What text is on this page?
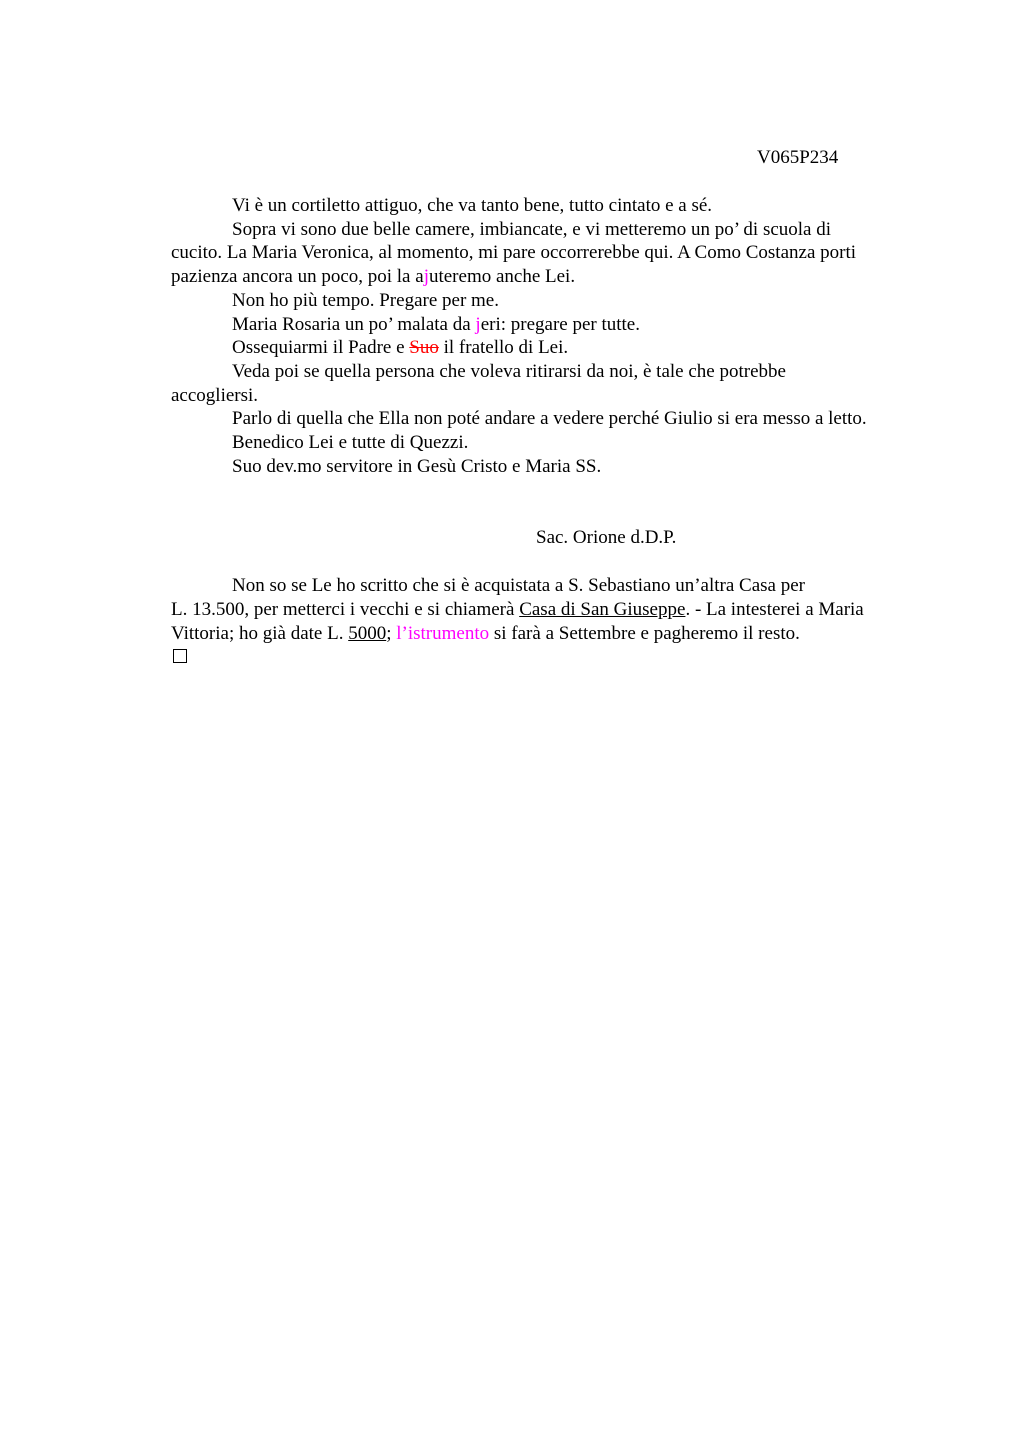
V065P234
Vi è un cortiletto attiguo, che va tanto bene, tutto cintato e a sé.
Sopra vi sono due belle camere, imbiancate, e vi metteremo un po’ di scuola di
cucito. La Maria Veronica, al momento, mi pare occorrerebbe qui. A Como Costanza porti
pazienza ancora un poco, poi la ajuteremo anche Lei.
Non ho più tempo. Pregare per me.
Maria Rosaria un po’ malata da jeri: pregare per tutte.
Ossequiarmi il Padre e Suo il fratello di Lei.
Veda poi se quella persona che voleva ritirarsi da noi, è tale che potrebbe
accogliersi.
Parlo di quella che Ella non poté andare a vedere perché Giulio si era messo a letto.
Benedico Lei e tutte di Quezzi.
Suo dev.mo servitore in Gesù Cristo e Maria SS.
Sac. Orione d.D.P.
Non so se Le ho scritto che si è acquistata a S. Sebastiano un’altra Casa per
L. 13.500, per metterci i vecchi e si chiamerà Casa di San Giuseppe. - La intesterei a Maria
Vittoria; ho già date L. 5000; l’istrumento si farà a Settembre e pagheremo il resto.
